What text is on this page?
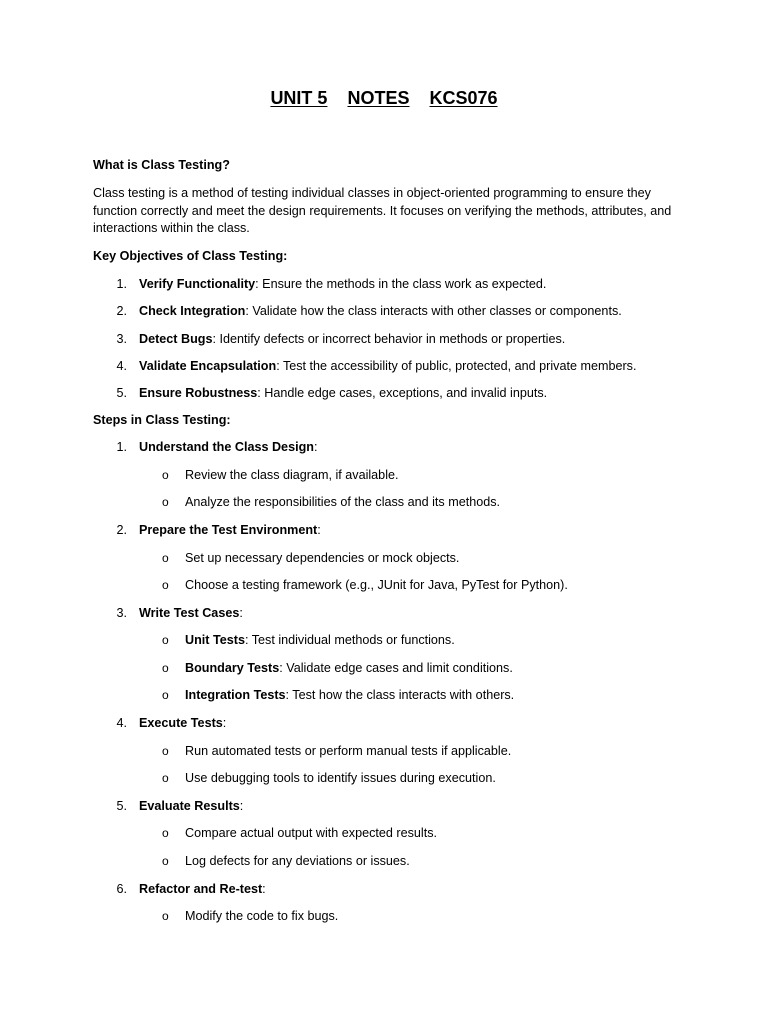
UNIT 5 NOTES KCS076
What is Class Testing?
Class testing is a method of testing individual classes in object-oriented programming to ensure they function correctly and meet the design requirements. It focuses on verifying the methods, attributes, and interactions within the class.
Key Objectives of Class Testing:
1. Verify Functionality: Ensure the methods in the class work as expected.
2. Check Integration: Validate how the class interacts with other classes or components.
3. Detect Bugs: Identify defects or incorrect behavior in methods or properties.
4. Validate Encapsulation: Test the accessibility of public, protected, and private members.
5. Ensure Robustness: Handle edge cases, exceptions, and invalid inputs.
Steps in Class Testing:
1. Understand the Class Design:
o Review the class diagram, if available.
o Analyze the responsibilities of the class and its methods.
2. Prepare the Test Environment:
o Set up necessary dependencies or mock objects.
o Choose a testing framework (e.g., JUnit for Java, PyTest for Python).
3. Write Test Cases:
o Unit Tests: Test individual methods or functions.
o Boundary Tests: Validate edge cases and limit conditions.
o Integration Tests: Test how the class interacts with others.
4. Execute Tests:
o Run automated tests or perform manual tests if applicable.
o Use debugging tools to identify issues during execution.
5. Evaluate Results:
o Compare actual output with expected results.
o Log defects for any deviations or issues.
6. Refactor and Re-test:
o Modify the code to fix bugs.
